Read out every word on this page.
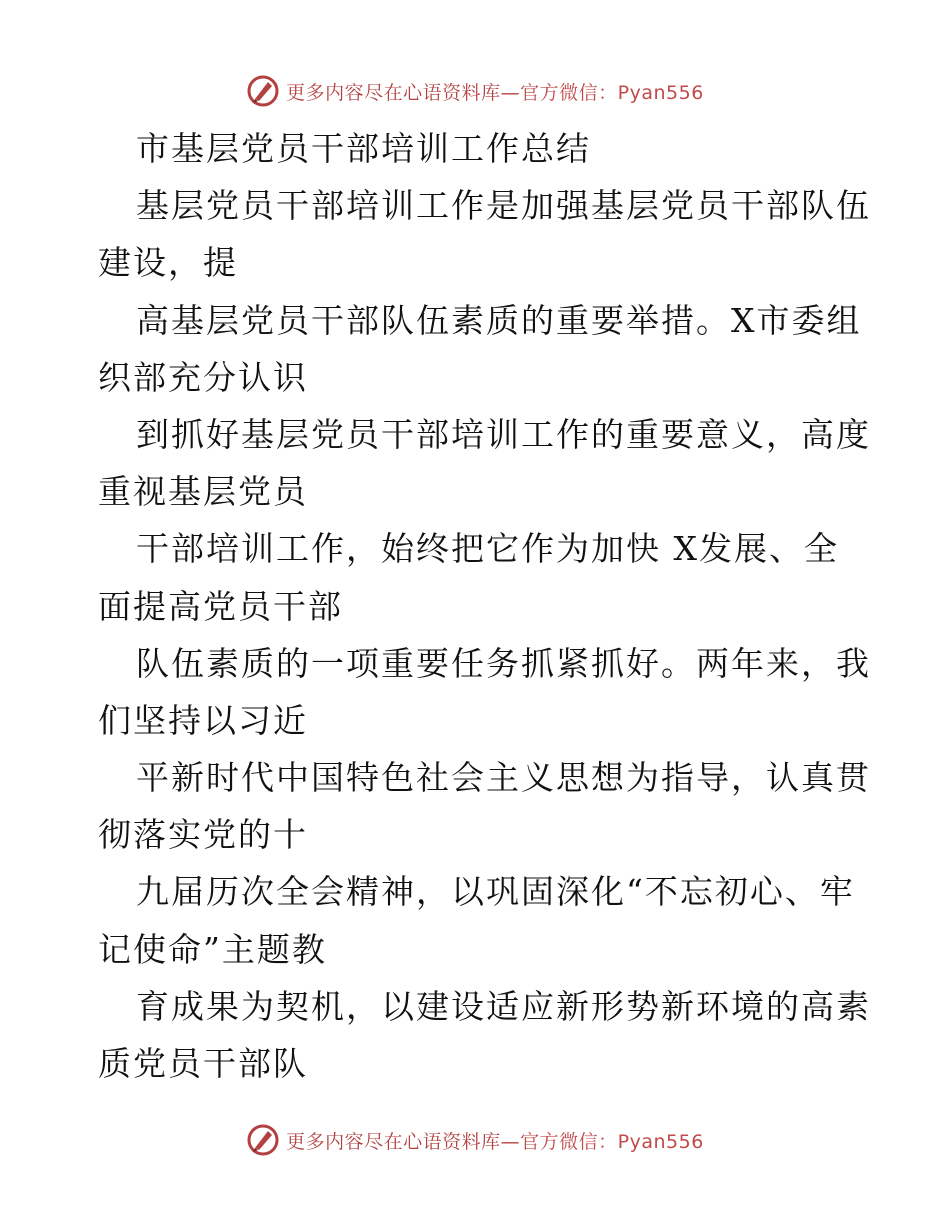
更多内容尽在心语资料库—官方微信：Pyan556
市基层党员干部培训工作总结
基层党员干部培训工作是加强基层党员干部队伍
建设，提
高基层党员干部队伍素质的重要举措。X市委组
织部充分认识
到抓好基层党员干部培训工作的重要意义，高度
重视基层党员
干部培训工作，始终把它作为加快 X发展、全
面提高党员干部
队伍素质的一项重要任务抓紧抓好。两年来，我
们坚持以习近
平新时代中国特色社会主义思想为指导，认真贯
彻落实党的十
九届历次全会精神，以巩固深化“不忘初心、牢
记使命”主题教
育成果为契机，以建设适应新形势新环境的高素
质党员干部队
更多内容尽在心语资料库—官方微信：Pyan556
